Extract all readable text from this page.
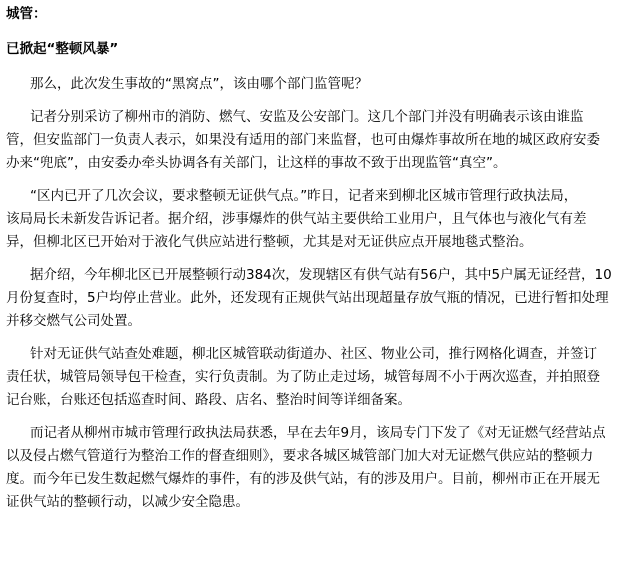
城管：
已掀起“整顿风暴”
那么，此次发生事故的“黑窝点”，该由哪个部门监管呢？
记者分别采访了柳州市的消防、燃气、安监及公安部门。这几个部门并没有明确表示该由谁监
管，但安监部门一负责人表示，如果没有适用的部门来监督，也可由爆炸事故所在地的城区政府安委
办来“兜底”，由安委办牵头协调各有关部门，让这样的事故不致于出现监管“真空”。
“区内已开了几次会议，要求整顿无证供气点。”昨日，记者来到柳北区城市管理行政执法局，
该局局长未新发告诉记者。据介绍，涉事爆炸的供气站主要供给工业用户，且气体也与液化气有差
异，但柳北区已开始对于液化气供应站进行整顿，尤其是对无证供应点开展地毯式整治。
据介绍，今年柳北区已开展整顿行动384次，发现辖区有供气站有56户，其中5户属无证经营，10
月份复查时，5户均停止营业。此外，还发现有正规供气站出现超量存放气瓶的情况，已进行暂扣处理
并移交燃气公司处置。
针对无证供气站查处难题，柳北区城管联动街道办、社区、物业公司，推行网格化调查，并签订
责任状，城管局领导包干检查，实行负责制。为了防止走过场，城管每周不小于两次巡查，并拍照登
记台账，台账还包括巡查时间、路段、店名、整治时间等详细备案。
而记者从柳州市城市管理行政执法局获悉，早在去年9月，该局专门下发了《对无证燃气经营站点
以及侵占燃气管道行为整治工作的督查细则》，要求各城区城管部门加大对无证燃气供应站的整顿力
度。而今年已发生数起燃气爆炸的事件，有的涉及供气站，有的涉及用户。目前，柳州市正在开展无
证供气站的整顿行动，以减少安全隐患。
